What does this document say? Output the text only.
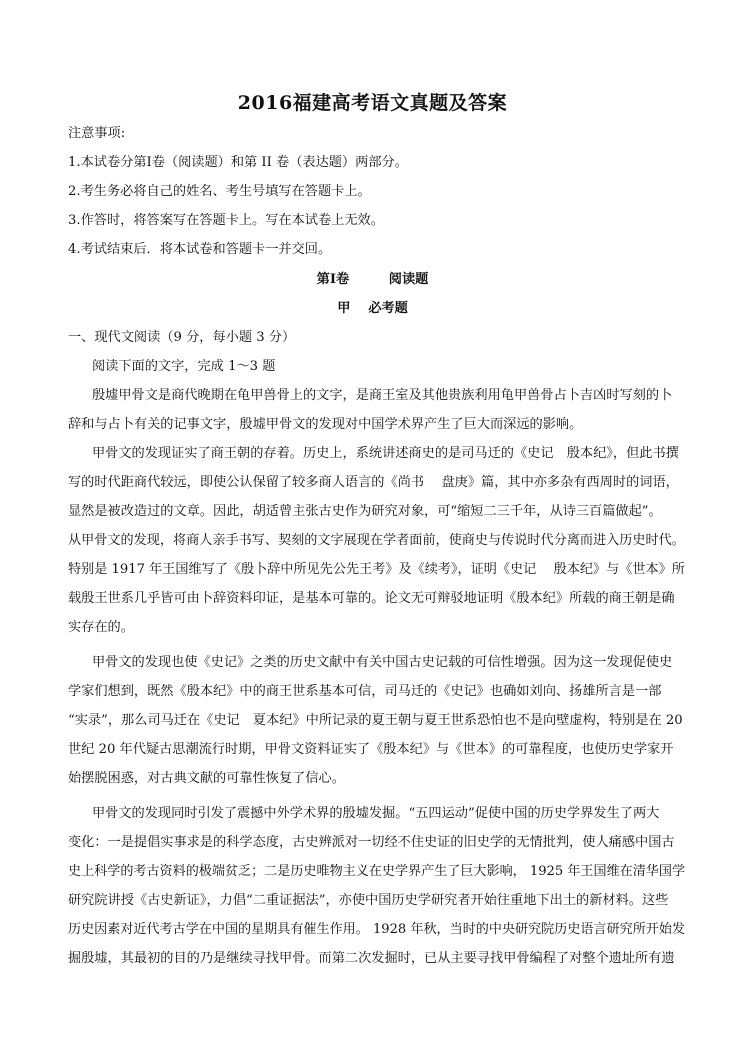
2016福建高考语文真题及答案
注意事项:
1.本试卷分第Ⅰ卷（阅读题）和第 II 卷（表达题）两部分。
2.考生务必将自己的姓名、考生号填写在答题卡上。
3.作答时，将答案写在答题卡上。写在本试卷上无效。
4.考试结束后．将本试卷和答题卡一并交回。
第Ⅰ卷　　　阅读题
甲　 必考题
一、现代文阅读（9 分，每小题 3 分）
阅读下面的文字，完成 1～3 题
殷墟甲骨文是商代晚期在龟甲兽骨上的文字，是商王室及其他贵族利用龟甲兽骨占卜吉凶时写刻的卜
辞和与占卜有关的记事文字，殷墟甲骨文的发现对中国学术界产生了巨大而深远的影响。
甲骨文的发现证实了商王朝的存着。历史上，系统讲述商史的是司马迁的《史记　殷本纪》，但此书撰
写的时代距商代较远，即使公认保留了较多商人语言的《尚书　 盘庚》篇，其中亦多杂有西周时的词语，
显然是被改造过的文章。因此，胡适曾主张古史作为研究对象，可“缩短二三千年，从诗三百篇做起”。
从甲骨文的发现，将商人亲手书写、契刻的文字展现在学者面前，使商史与传说时代分离而进入历史时代。
特别是 1917 年王国维写了《殷卜辞中所见先公先王考》及《续考》，证明《史记　 殷本纪》与《世本》所
载殷王世系几乎皆可由卜辞资料印证，是基本可靠的。论文无可辩驳地证明《殷本纪》所载的商王朝是确
实存在的。
甲骨文的发现也使《史记》之类的历史文献中有关中国古史记载的可信性增强。因为这一发现促使史
学家们想到，既然《殷本纪》中的商王世系基本可信，司马迁的《史记》也确如刘向、扬雄所言是一部
“实录”，那么司马迁在《史记　夏本纪》中所记录的夏王朝与夏王世系恐怕也不是向壁虚构，特别是在 20
世纪 20 年代疑古思潮流行时期，甲骨文资料证实了《殷本纪》与《世本》的可靠程度，也使历史学家开
始摆脱困惑，对古典文献的可靠性恢复了信心。
甲骨文的发现同时引发了震撼中外学术界的殷墟发掘。“五四运动”促使中国的历史学界发生了两大
变化：一是提倡实事求是的科学态度，古史辨派对一切经不住史证的旧史学的无情批判，使人痛感中国古
史上科学的考古资料的极端贫乏；二是历史唯物主义在史学界产生了巨大影响， 1925 年王国维在清华国学
研究院讲授《古史新证》，力倡“二重证据法”，亦使中国历史学研究者开始往重地下出土的新材料。这些
历史因素对近代考古学在中国的星期具有催生作用。 1928 年秋，当时的中央研究院历史语言研究所开始发
掘殷墟，其最初的目的乃是继续寻找甲骨。而第二次发掘时，已从主要寻找甲骨编程了对整个遗址所有遗
